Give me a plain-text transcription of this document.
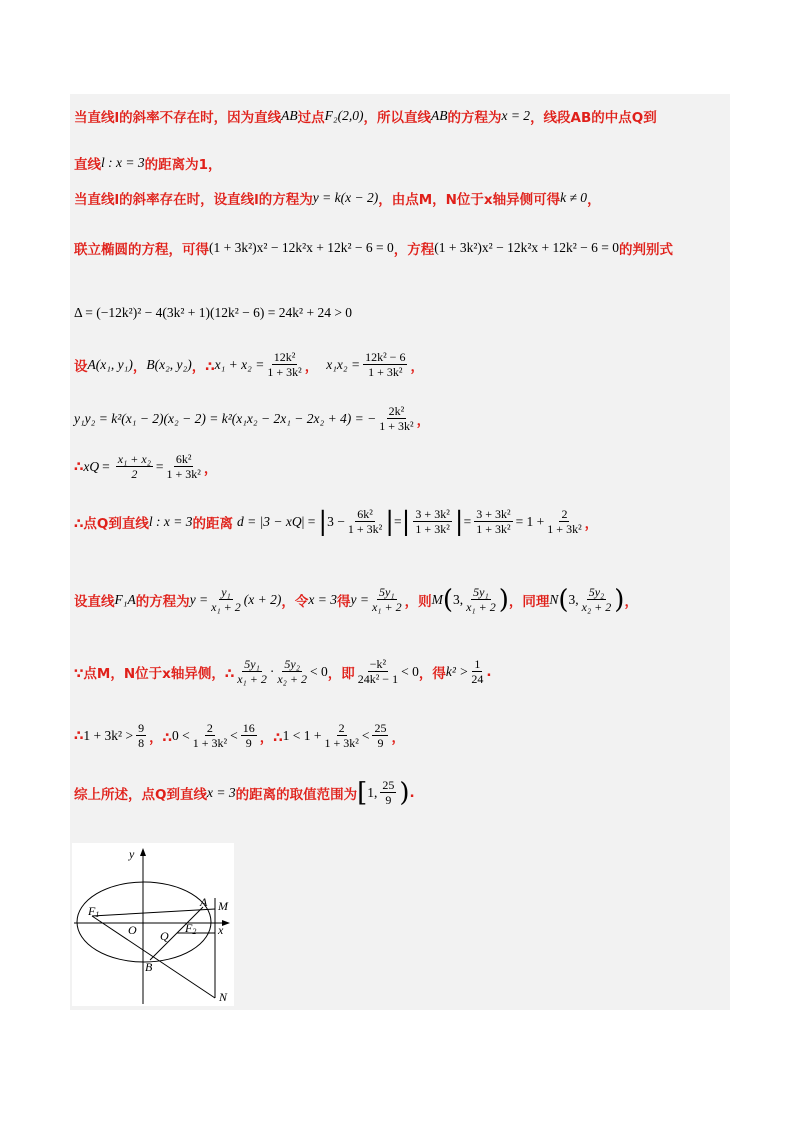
当直线l的斜率不存在时，因为直线 AB 过点 F₂(2,0) ，所以直线 AB 的方程为 x = 2 ，线段AB的中点Q到
直线 l : x = 3 的距离为1，
当直线l的斜率存在时，设直线l的方程为 y = k(x − 2) ，由点M，N位于x轴异侧可得 k ≠ 0 ，
联立椭圆的方程，可得 (1 + 3k²)x² − 12k²x + 12k² − 6 = 0 ，方程 (1 + 3k²)x² − 12k²x + 12k² − 6 = 0 的判别式
Δ = (−12k²)² − 4(3k² + 1)(12k² − 6) = 24k² + 24 > 0
设 A(x₁, y₁) ， B(x₂, y₂) ，∴ $x_1 + x_2 = \frac{\text{12k²}}{\text{1 + 3k²}}$ ， $x_1x_2 = \frac{\text{12k² − 6}}{\text{1 + 3k²}}$ ，
y₁y₂ = k²(x₁ − 2)(x₂ − 2) = k²(x₁x₂ − 2x₁ − 2x₂ + 4) = − $\frac{\text{2k²}}{\text{1 + 3k²}}$ ，
∴ x $Q = \frac{\text{x₁ + x₂}}{2} = \frac{\text{6k²}}{\text{1 + 3k²}}$ ，
∴点Q到直线 l : x = 3 的距离 d = |3 − x Q | = | $3 - \frac{\text{6k²}}{\text{1 + 3k²}}$ | = | $\frac{\text{3 + 3k²}}{\text{1 + 3k²}}$ | = $\frac{\text{3 + 3k²}}{\text{1 + 3k²}} = 1 + \frac{2}{\text{1 + 3k²}}$ ，
设直线 F₁A 的方程为 $y = \frac{\text{y₁}}{\text{x₁ + 2}} (x + 2)$ ，令 x = 3 得 $y = \frac{\text{5y₁}}{\text{x₁ + 2}}$ ，则 M ( 3, $\frac{\text{5y₁}}{\text{x₁ + 2}}$ ) ，同理 N ( 3, $\frac{\text{5y₂}}{\text{x₂ + 2}}$ ) ，
∵点M，N位于x轴异侧，∴ $\frac{\text{5y₁}}{\text{x₁ + 2}} \cdot \frac{\text{5y₂}}{\text{x₂ + 2}} < 0$ ，即 $\frac{\text{−k²}}{\text{24k² − 1}} < 0$ ，得 $k^2 > \frac{1}{24}$ .
∴ $1 + 3k^2 > \frac{9}{8}$ ，∴ $0 < \frac{2}{\text{1 + 3k²}} < \frac{16}{9}$ ，∴ $1 < 1 + \frac{2}{\text{1 + 3k²}} < \frac{25}{9}$ ，
综上所述，点Q到直线 x = 3 的距离的取值范围为 [ 1, $\frac{25}{9}$ ) .
y
x
F1
F2
O Q
A
B
M
N
